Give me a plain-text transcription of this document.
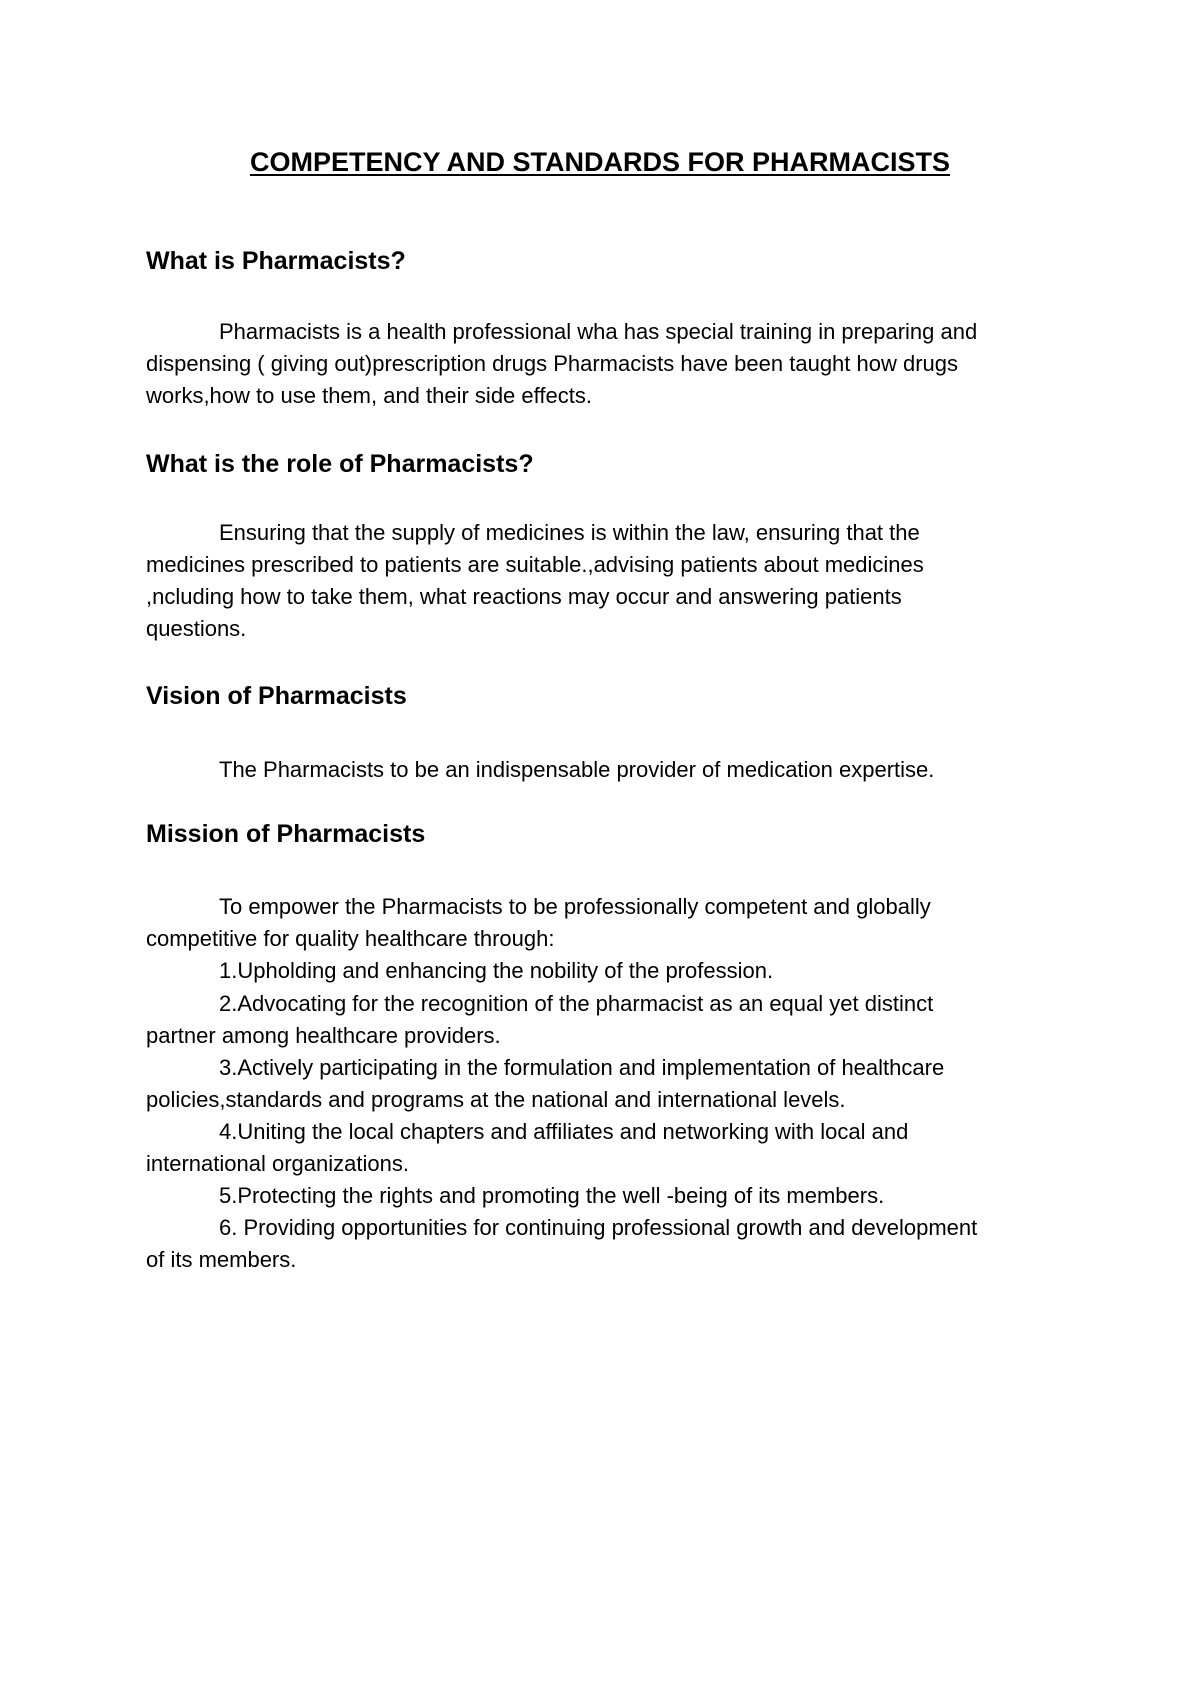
COMPETENCY AND STANDARDS FOR PHARMACISTS
What is Pharmacists?

Pharmacists is a health professional wha has special training in preparing and

dispensing ( giving out)prescription drugs Pharmacists have been taught how drugs

works,how to use them, and their side effects.

What is the role of Pharmacists?

Ensuring that the supply of medicines is within the law, ensuring that the

medicines prescribed to patients are suitable.,advising patients about medicines

,ncluding how to take them, what reactions may occur and answering patients

questions.

Vision of Pharmacists

The Pharmacists to be an indispensable provider of medication expertise.

Mission of Pharmacists

To empower the Pharmacists to be professionally competent and globally

competitive for quality healthcare through:

1.Upholding and enhancing the nobility of the profession.

2.Advocating for the recognition of the pharmacist as an equal yet distinct

partner among healthcare providers.

3.Actively participating in the formulation and implementation of healthcare

policies,standards and programs at the national and international levels.

4.Uniting the local chapters and affiliates and networking with local and

international organizations.

5.Protecting the rights and promoting the well -being of its members.

6. Providing opportunities for continuing professional growth and development

of its members.
